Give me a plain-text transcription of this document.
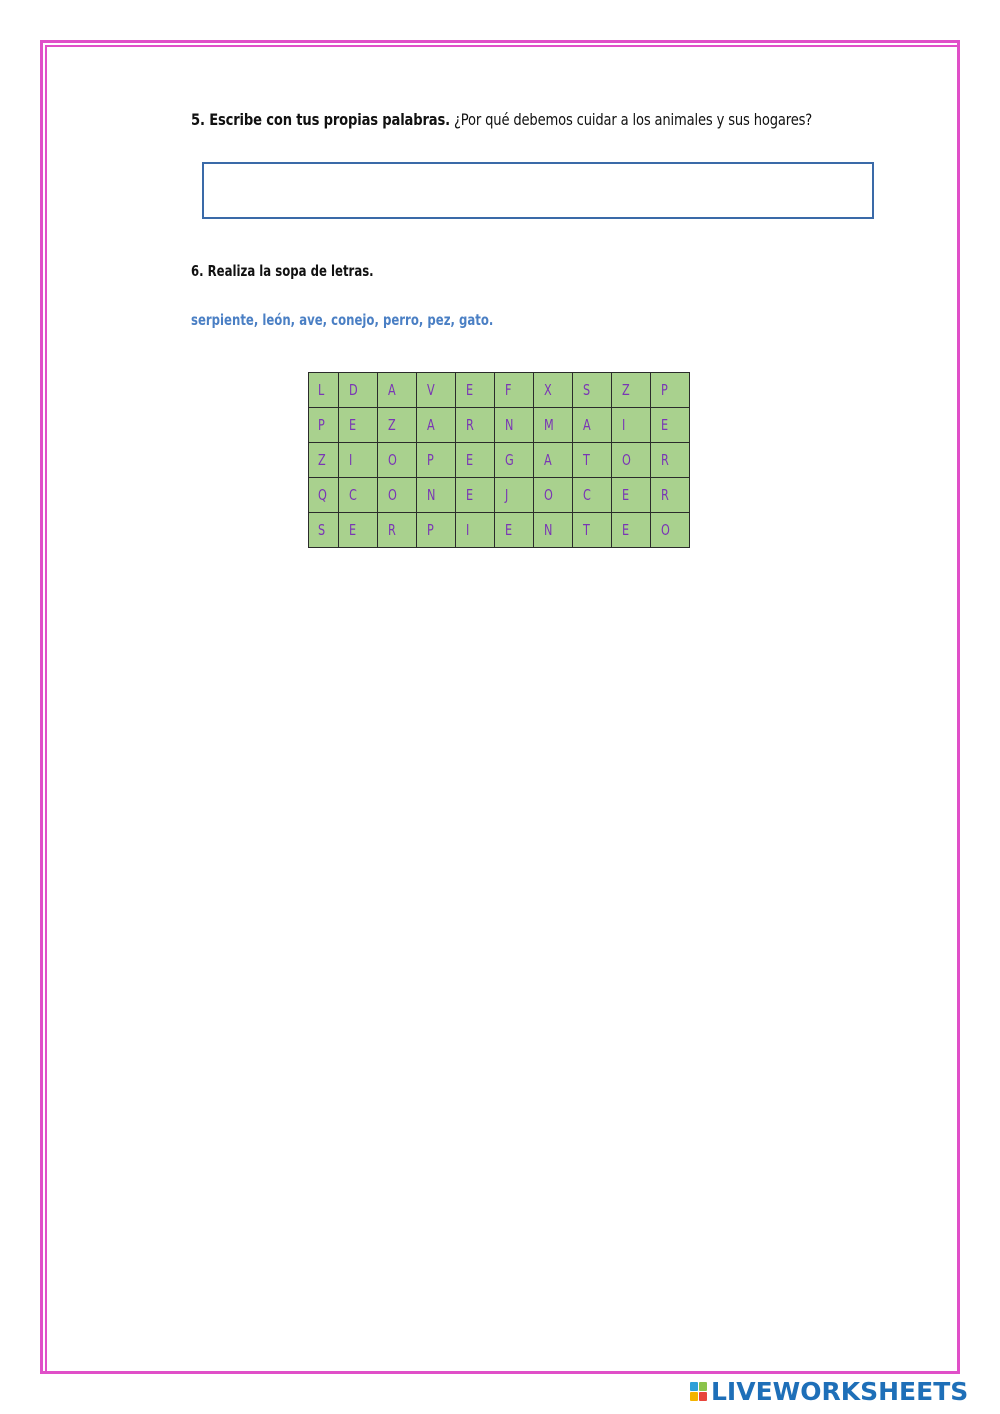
5. Escribe con tus propias palabras. ¿Por qué debemos cuidar a los animales y sus hogares?
6. Realiza la sopa de letras.
serpiente, león, ave, conejo, perro, pez, gato.
L	D	A	V	E	F	X	S	Z	P
P	E	Z	A	R	N	M	A	I	E
Z	I	O	P	E	G	A	T	O	R
Q	C	O	N	E	J	O	C	E	R
S	E	R	P	I	E	N	T	E	O
LIVEWORKSHEETS
